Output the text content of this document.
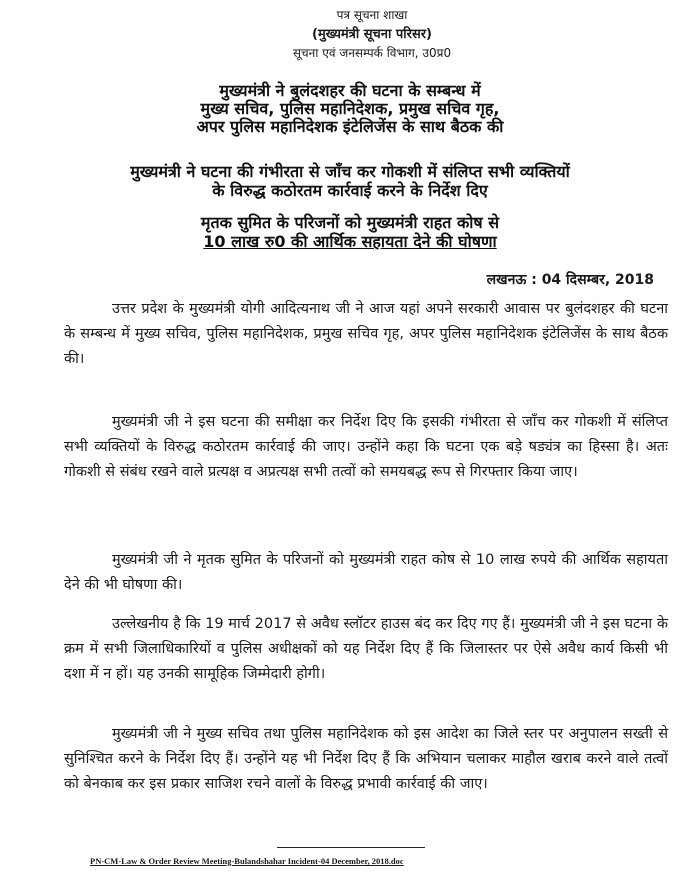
पत्र सूचना शाखा
(मुख्यमंत्री सूचना परिसर)
सूचना एवं जनसम्पर्क विभाग, उ0प्र0
मुख्यमंत्री ने बुलंदशहर की घटना के सम्बन्ध में
मुख्य सचिव, पुलिस महानिदेशक, प्रमुख सचिव गृह,
अपर पुलिस महानिदेशक इंटेलिजेंस के साथ बैठक की
मुख्यमंत्री ने घटना की गंभीरता से जाँच कर गोकशी में संलिप्त सभी व्यक्तियों
के विरुद्ध कठोरतम कार्रवाई करने के निर्देश दिए
मृतक सुमित के परिजनों को मुख्यमंत्री राहत कोष से
10 लाख रु0 की आर्थिक सहायता देने की घोषणा
लखनऊ : 04 दिसम्बर, 2018

उत्तर प्रदेश के मुख्यमंत्री योगी आदित्यनाथ जी ने आज यहां अपने सरकारी आवास पर बुलंदशहर की घटना के सम्बन्ध में मुख्य सचिव, पुलिस महानिदेशक, प्रमुख सचिव गृह, अपर पुलिस महानिदेशक इंटेलिजेंस के साथ बैठक की।

मुख्यमंत्री जी ने इस घटना की समीक्षा कर निर्देश दिए कि इसकी गंभीरता से जाँच कर गोकशी में संलिप्त सभी व्यक्तियों के विरुद्ध कठोरतम कार्रवाई की जाए। उन्होंने कहा कि घटना एक बड़े षड्यंत्र का हिस्सा है। अतः गोकशी से संबंध रखने वाले प्रत्यक्ष व अप्रत्यक्ष सभी तत्वों को समयबद्ध रूप से गिरफ्तार किया जाए।

मुख्यमंत्री जी ने मृतक सुमित के परिजनों को मुख्यमंत्री राहत कोष से 10 लाख रुपये की आर्थिक सहायता देने की भी घोषणा की।

उल्लेखनीय है कि 19 मार्च 2017 से अवैध स्लॉटर हाउस बंद कर दिए गए हैं। मुख्यमंत्री जी ने इस घटना के क्रम में सभी जिलाधिकारियों व पुलिस अधीक्षकों को यह निर्देश दिए हैं कि जिलास्तर पर ऐसे अवैध कार्य किसी भी दशा में न हों। यह उनकी सामूहिक जिम्मेदारी होगी।

मुख्यमंत्री जी ने मुख्य सचिव तथा पुलिस महानिदेशक को इस आदेश का जिले स्तर पर अनुपालन सख्ती से सुनिश्चित करने के निर्देश दिए हैं। उन्होंने यह भी निर्देश दिए हैं कि अभियान चलाकर माहौल खराब करने वाले तत्वों को बेनकाब कर इस प्रकार साजिश रचने वालों के विरुद्ध प्रभावी कार्रवाई की जाए।

PN-CM-Law & Order Review Meeting-Bulandshahar Incident-04 December, 2018.doc
